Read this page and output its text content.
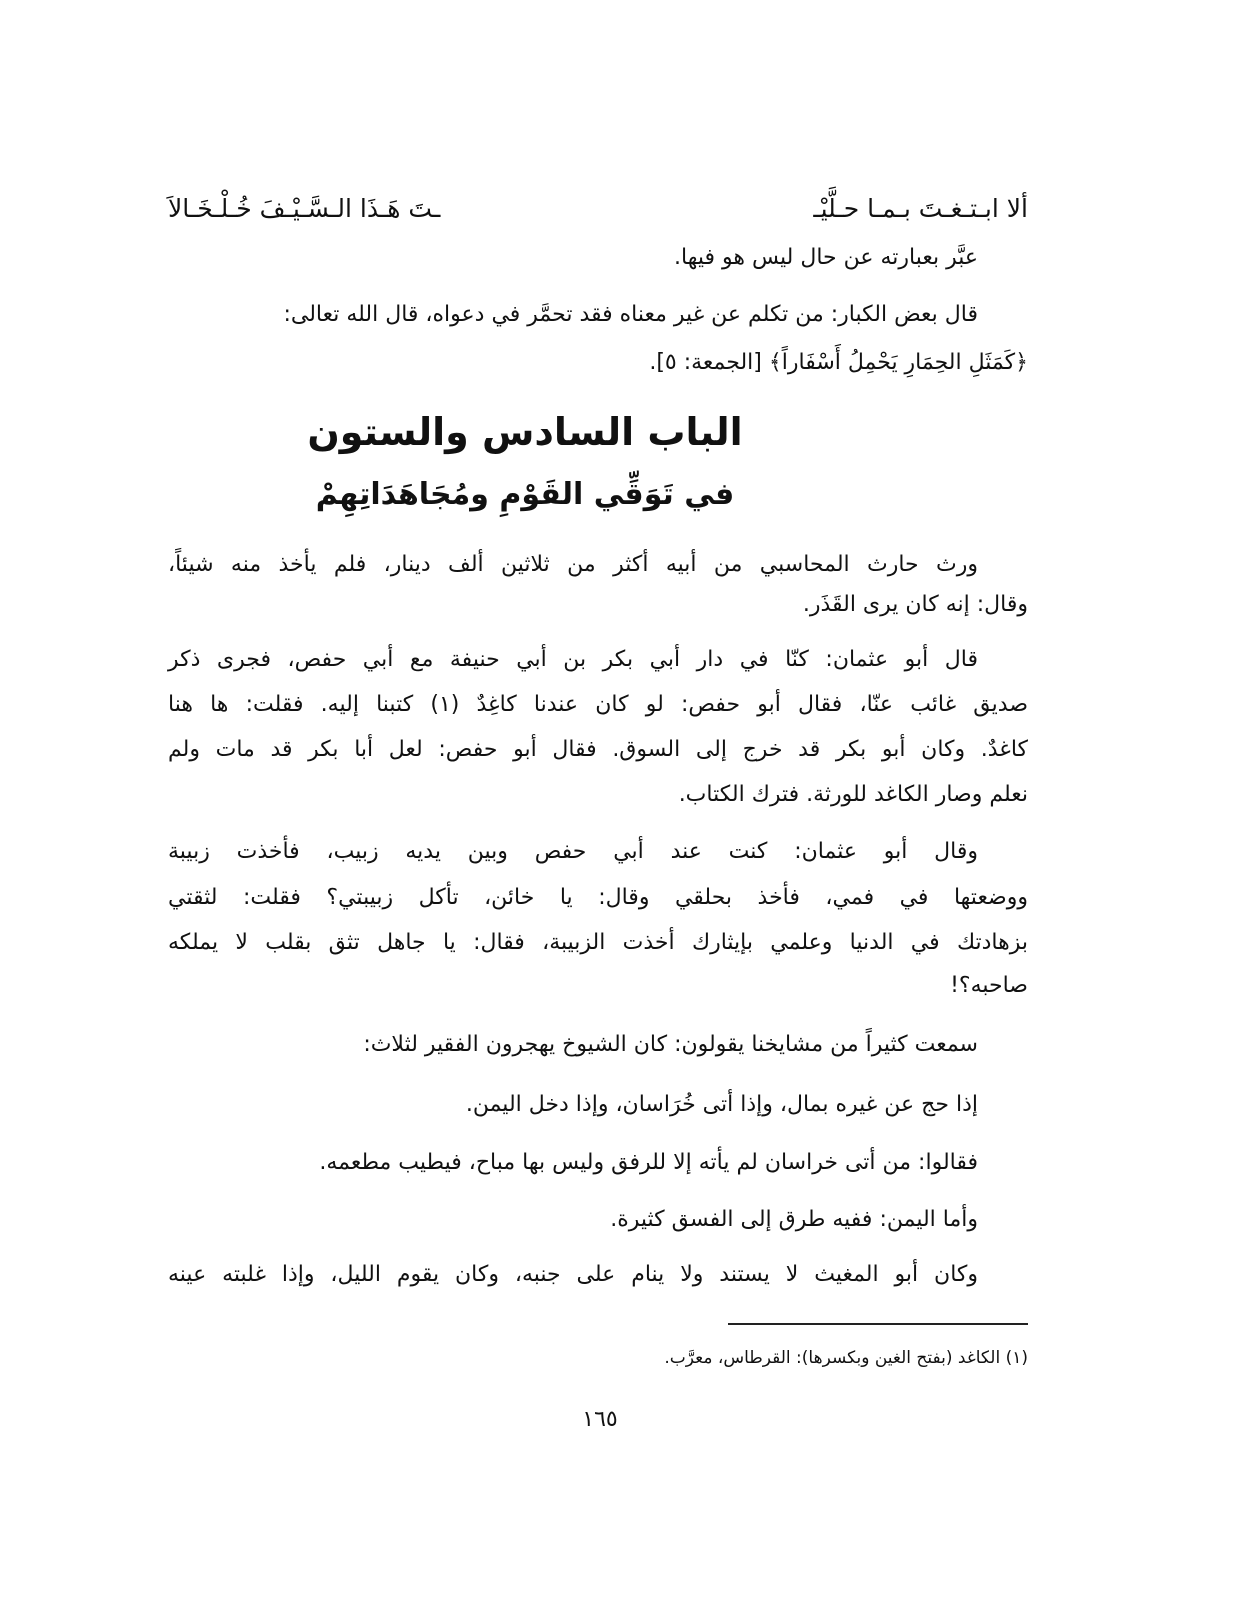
ألا ابـتـغـتَ بـمـا حـلَّيْـ
ـتَ هَـذَا الـسَّـيْـفَ خُـلْـخَـالاَ
عبَّر بعبارته عن حال ليس هو فيها.
قال بعض الكبار: من تكلم عن غير معناه فقد تحمَّر في دعواه، قال الله تعالى:
﴿كَمَثَلِ الحِمَارِ يَحْمِلُ أَسْفَاراً﴾ [الجمعة: ٥].
الباب السادس والستون
في تَوَقِّي القَوْمِ ومُجَاهَدَاتِهِمْ
ورث حارث المحاسبي من أبيه أكثر من ثلاثين ألف دينار، فلم يأخذ منه شيئاً،
وقال: إنه كان يرى القَذَر.
قال أبو عثمان: كنّا في دار أبي بكر بن أبي حنيفة مع أبي حفص، فجرى ذكر
صديق غائب عنّا، فقال أبو حفص: لو كان عندنا كاغِدٌ (١) كتبنا إليه. فقلت: ها هنا
كاغدٌ. وكان أبو بكر قد خرج إلى السوق. فقال أبو حفص: لعل أبا بكر قد مات ولم
نعلم وصار الكاغد للورثة. فترك الكتاب.
وقال أبو عثمان: كنت عند أبي حفص وبين يديه زبيب، فأخذت زبيبة
ووضعتها في فمي، فأخذ بحلقي وقال: يا خائن، تأكل زبيبتي؟ فقلت: لثقتي
بزهادتك في الدنيا وعلمي بإيثارك أخذت الزبيبة، فقال: يا جاهل تثق بقلب لا يملكه
صاحبه؟!
سمعت كثيراً من مشايخنا يقولون: كان الشيوخ يهجرون الفقير لثلاث:
إذا حج عن غيره بمال، وإذا أتى خُرَاسان، وإذا دخل اليمن.
فقالوا: من أتى خراسان لم يأته إلا للرفق وليس بها مباح، فيطيب مطعمه.
وأما اليمن: ففيه طرق إلى الفسق كثيرة.
وكان أبو المغيث لا يستند ولا ينام على جنبه، وكان يقوم الليل، وإذا غلبته عينه
(١) الكاغد (بفتح الغين وبكسرها): القرطاس، معرَّب.
١٦٥
